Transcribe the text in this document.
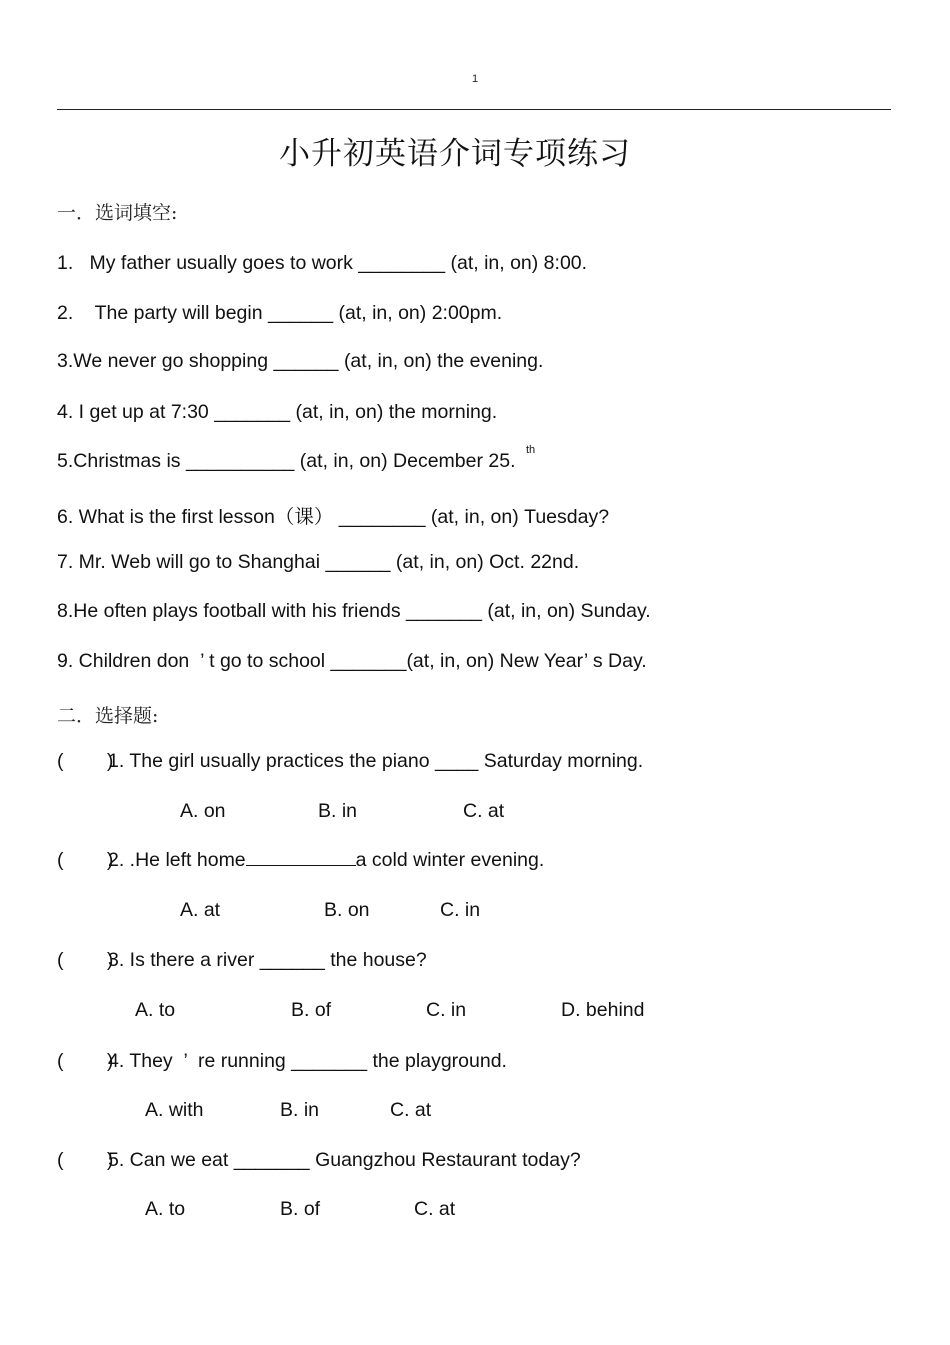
1
小升初英语介词专项练习
一．选词填空:
1.   My father usually goes to work ________ (at, in, on) 8:00.
2.    The party will begin ______ (at, in, on) 2:00pm.
3.We never go shopping ______ (at, in, on) the evening.
4. I get up at 7:30 _______ (at, in, on) the morning.
5.Christmas is __________ (at, in, on) December 25. th
6. What is the first lesson（课） ________ (at, in, on) Tuesday?
7. Mr. Web will go to Shanghai ______ (at, in, on) Oct. 22nd.
8.He often plays football with his friends _______ (at, in, on) Sunday.
9. Children don  ’ t go to school _______(at, in, on) New Year’ s Day.
二．选择题:
(        )
1. The girl usually practices the piano ____ Saturday morning.
A. on	B. in	C. at
(        )
2. .He left home	a cold winter evening.
A. at	B. on	C. in
(        )
3. Is there a river ______ the house?
A. to	B. of	C. in	D. behind
(        )
4. They  ’  re running _______ the playground.
A. with	B. in	C. at
(        )
5. Can we eat _______ Guangzhou Restaurant today?
A. to	B. of	C. at
